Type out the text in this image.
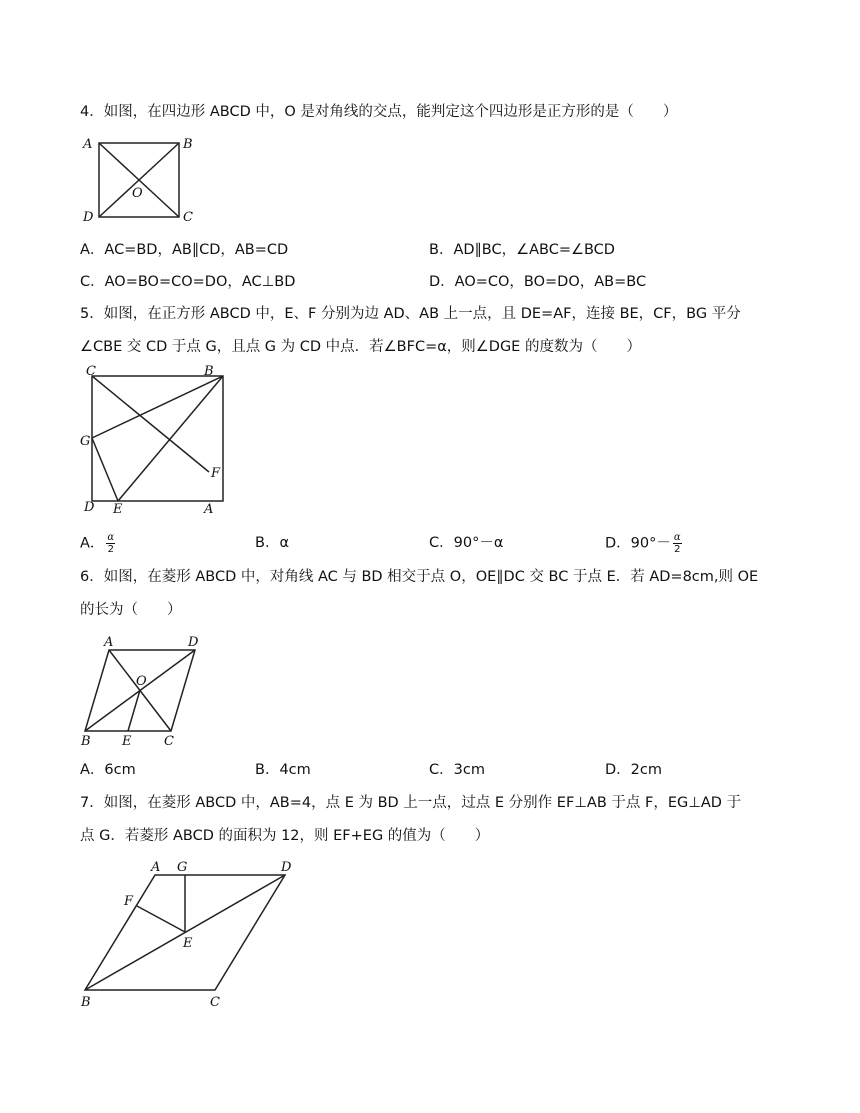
4．如图，在四边形 ABCD 中，O 是对角线的交点，能判定这个四边形是正方形的是（　　）
A	B
C
D
O
A．AC=BD，AB∥CD，AB=CD	B．AD∥BC，∠ABC=∠BCD
C．AO=BO=CO=DO，AC⊥BD	D．AO=CO，BO=DO，AB=BC
5．如图，在正方形 ABCD 中，E、F 分别为边 AD、AB 上一点，且 DE=AF，连接 BE，CF，BG 平分
∠CBE 交 CD 于点 G，且点 G 为 CD 中点．若∠BFC=α，则∠DGE 的度数为（　　）
C	B
G
F
D E	A
A． $\frac{\alpha}{2}$	B．α	C．90°－α	D．$90^\circ- \frac{\alpha}{2}$
6．如图，在菱形 ABCD 中，对角线 AC 与 BD 相交于点 O，OE∥DC 交 BC 于点 E．若 AD=8cm,则 OE
的长为（　　）
A	D
O
B E	C
A．6cm	B．4cm	C．3cm	D．2cm
7．如图，在菱形 ABCD 中，AB=4，点 E 为 BD 上一点，过点 E 分别作 EF⊥AB 于点 F，EG⊥AD 于
点 G．若菱形 ABCD 的面积为 12，则 EF+EG 的值为（　　）
A G	D
F
E
B	C
